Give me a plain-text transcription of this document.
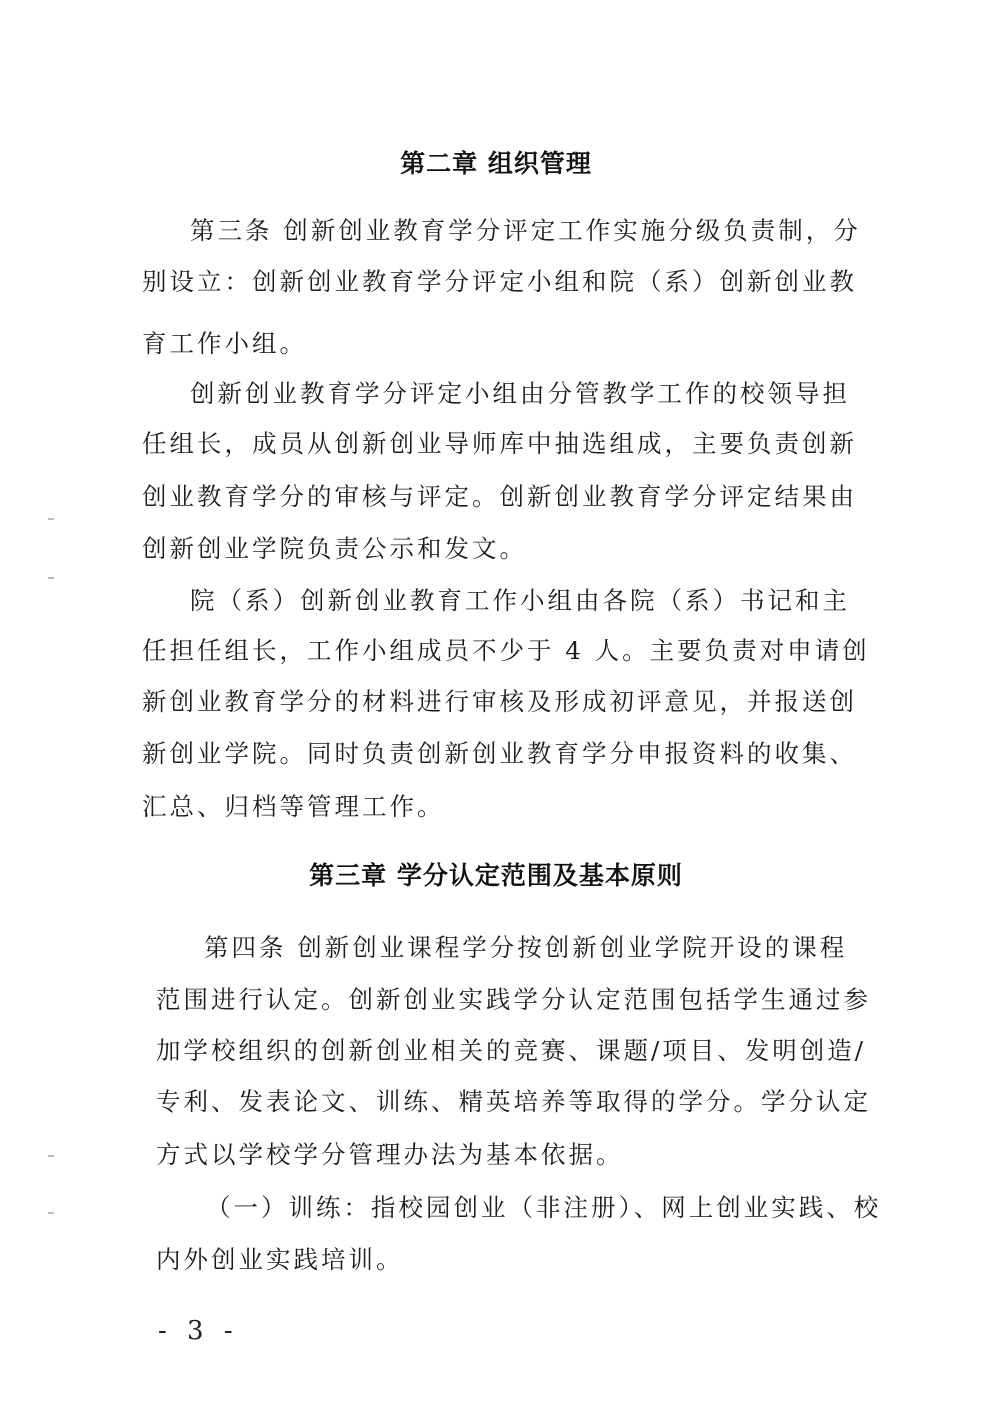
第二章 组织管理
第三条 创新创业教育学分评定工作实施分级负责制，分
别设立：创新创业教育学分评定小组和院（系）创新创业教
育工作小组。
创新创业教育学分评定小组由分管教学工作的校领导担
任组长，成员从创新创业导师库中抽选组成，主要负责创新
创业教育学分的审核与评定。创新创业教育学分评定结果由
创新创业学院负责公示和发文。
院（系）创新创业教育工作小组由各院（系）书记和主
任担任组长，工作小组成员不少于 4 人。主要负责对申请创
新创业教育学分的材料进行审核及形成初评意见，并报送创
新创业学院。同时负责创新创业教育学分申报资料的收集、
汇总、归档等管理工作。
第三章 学分认定范围及基本原则
第四条 创新创业课程学分按创新创业学院开设的课程
范围进行认定。创新创业实践学分认定范围包括学生通过参
加学校组织的创新创业相关的竞赛、课题/项目、发明创造/
专利、发表论文、训练、精英培养等取得的学分。学分认定
方式以学校学分管理办法为基本依据。
（一）训练：指校园创业（非注册）、网上创业实践、校
内外创业实践培训。
- 3 -
